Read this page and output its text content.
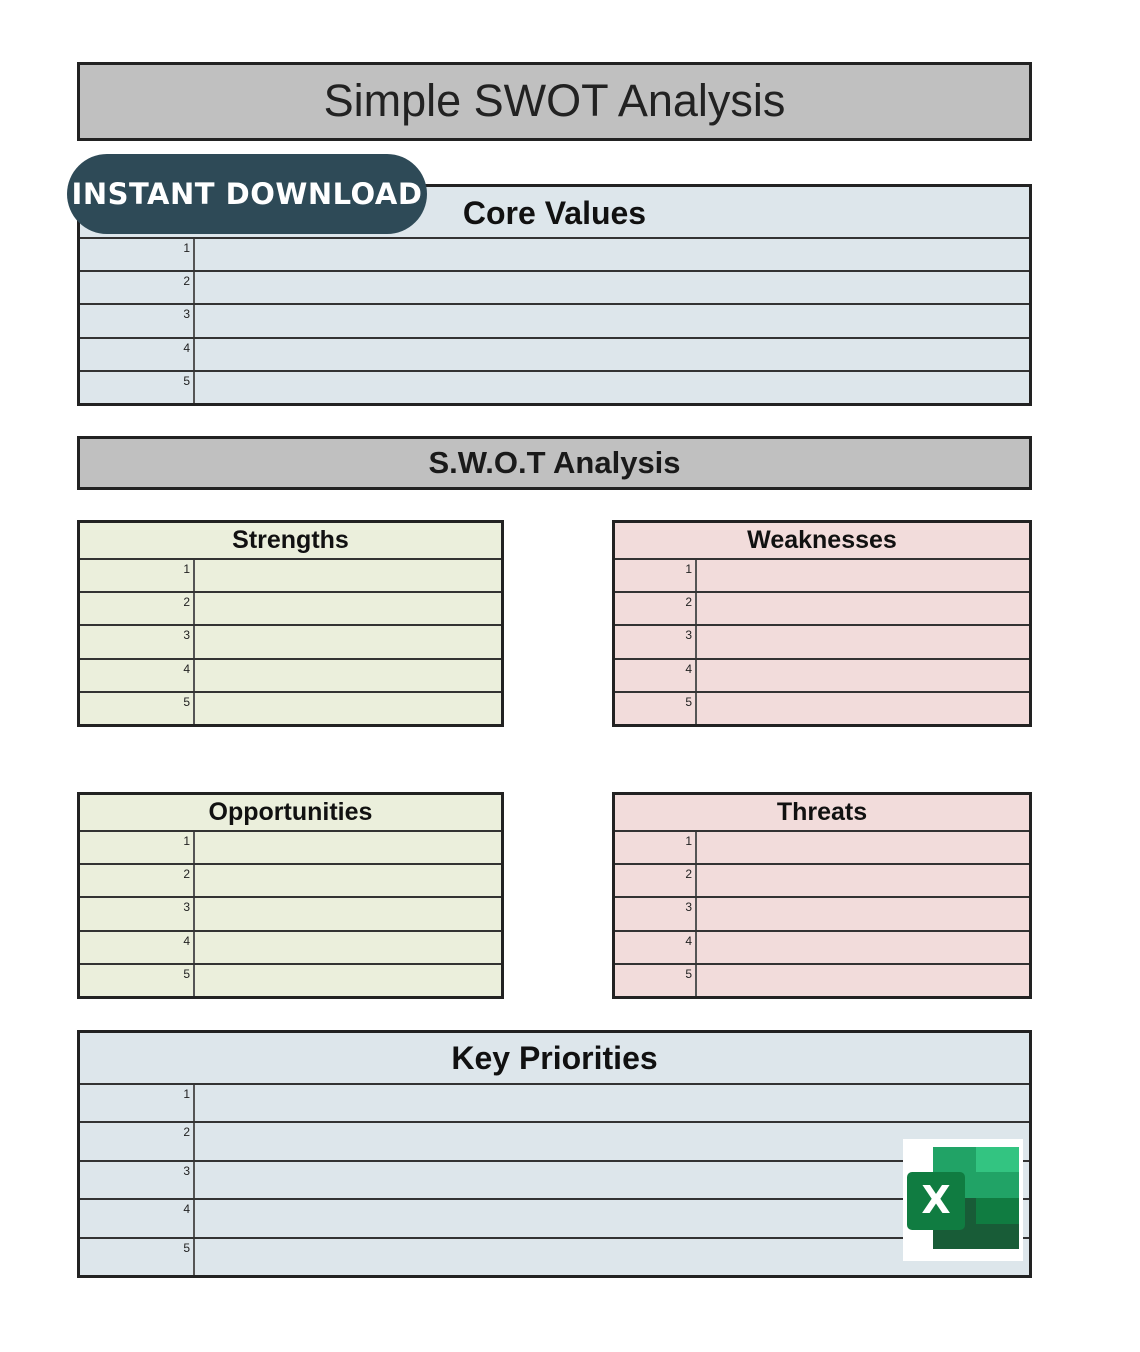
Simple SWOT Analysis
INSTANT DOWNLOAD
Core Values
1
2
3
4
5
S.W.O.T Analysis
Strengths
1
2
3
4
5
Weaknesses
1
2
3
4
5
Opportunities
1
2
3
4
5
Threats
1
2
3
4
5
Key Priorities
1
2
3
4
5
X
